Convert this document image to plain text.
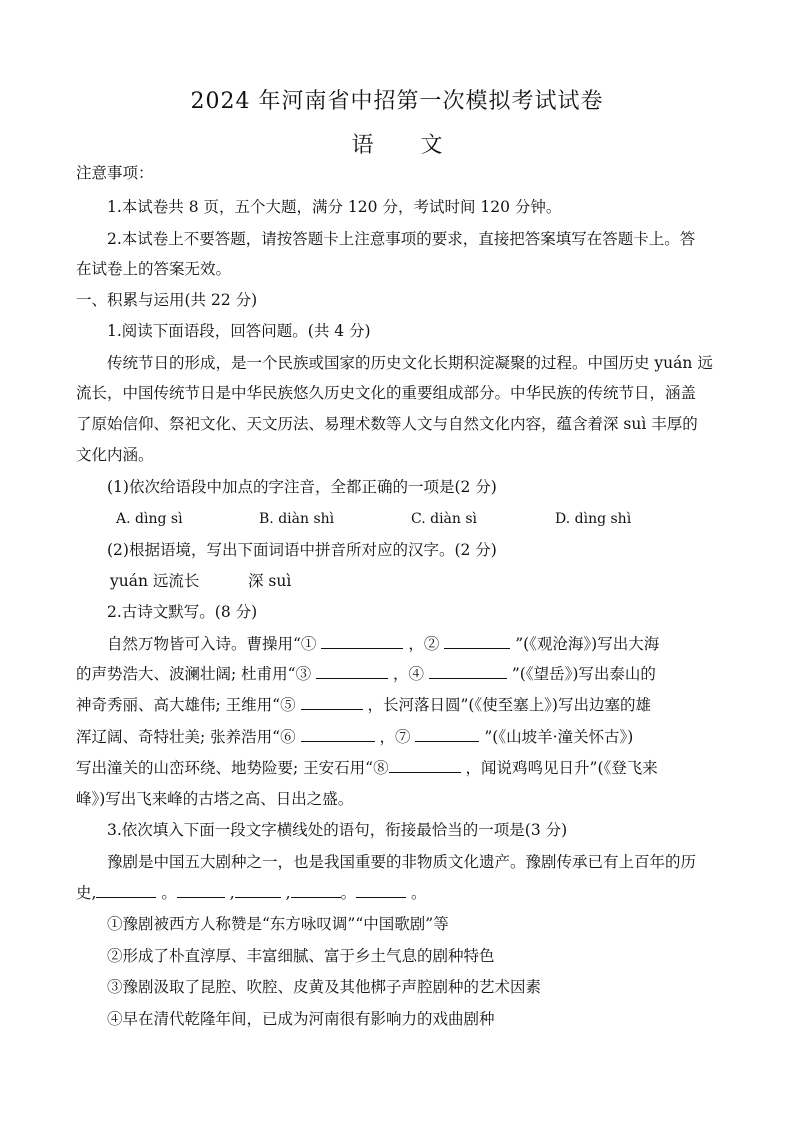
2024 年河南省中招第一次模拟考试试卷
语 文
注意事项：
1.本试卷共 8 页，五个大题，满分 120 分，考试时间 120 分钟。
2.本试卷上不要答题，请按答题卡上注意事项的要求，直接把答案填写在答题卡上。答
在试卷上的答案无效。
一、积累与运用(共 22 分)
1.阅读下面语段，回答问题。(共 4 分)
传统节日的形成，是一个民族或国家的历史文化长期积淀凝聚的过程。中国历史 yuán 远
流长，中国传统节日是中华民族悠久历史文化的重要组成部分。中华民族的传统节日，涵盖
了原始信仰、祭祀文化、天文历法、易理术数等人文与自然文化内容，蕴含着深 suì 丰厚的
文化内涵。
(1)依次给语段中加点的字注音，全都正确的一项是(2 分)
A. dìng sì	B. diàn shì	C. diàn sì	D. dìng shì
(2)根据语境，写出下面词语中拼音所对应的汉字。(2 分)
yuán 远流长	深 suì
2.古诗文默写。(8 分)
自然万物皆可入诗。曹操用“①	，②	”(《观沧海》)写出大海
的声势浩大、波澜壮阔; 杜甫用“③	，④	”(《望岳》)写出泰山的
神奇秀丽、高大雄伟; 王维用“⑤	，长河落日圆”(《使至塞上》)写出边塞的雄
浑辽阔、奇特壮美; 张养浩用“⑥	，⑦	”(《山坡羊·潼关怀古》)
写出潼关的山峦环绕、地势险要; 王安石用“⑧	，闻说鸡鸣见日升”(《登飞来
峰》)写出飞来峰的古塔之高、日出之盛。
3.依次填入下面一段文字横线处的语句，衔接最恰当的一项是(3 分)
豫剧是中国五大剧种之一，也是我国重要的非物质文化遗产。豫剧传承已有上百年的历
史,	。	,	,	。	。
①豫剧被西方人称赞是“东方咏叹调”“中国歌剧”等
②形成了朴直淳厚、丰富细腻、富于乡土气息的剧种特色
③豫剧汲取了昆腔、吹腔、皮黄及其他梆子声腔剧种的艺术因素
④早在清代乾隆年间，已成为河南很有影响力的戏曲剧种
